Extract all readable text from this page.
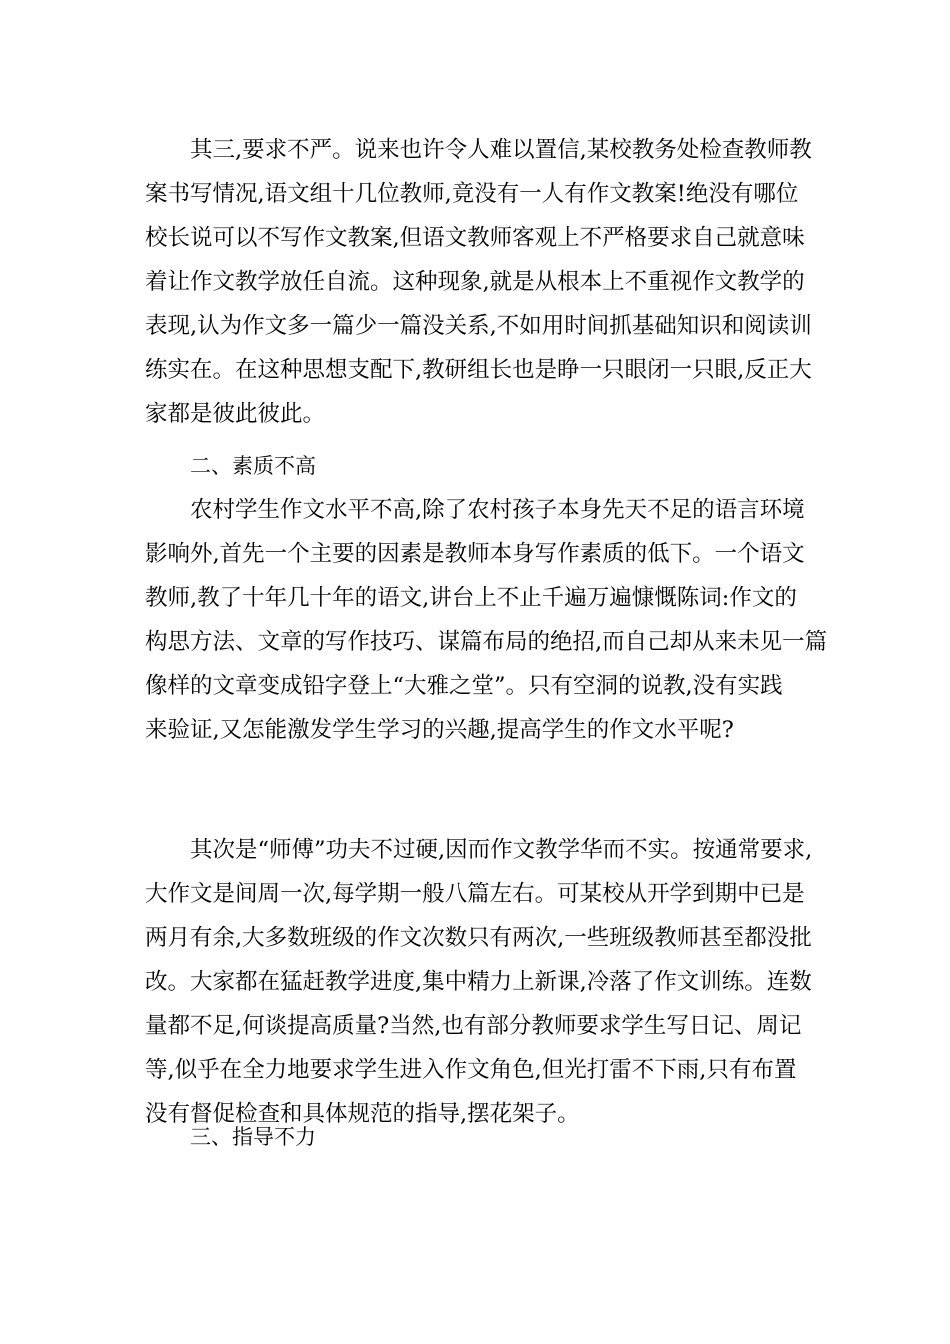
其三,要求不严。说来也许令人难以置信,某校教务处检查教师教
案书写情况,语文组十几位教师,竟没有一人有作文教案!绝没有哪位
校长说可以不写作文教案,但语文教师客观上不严格要求自己就意味
着让作文教学放任自流。这种现象,就是从根本上不重视作文教学的
表现,认为作文多一篇少一篇没关系,不如用时间抓基础知识和阅读训
练实在。在这种思想支配下,教研组长也是睁一只眼闭一只眼,反正大
家都是彼此彼此。
二、素质不高
农村学生作文水平不高,除了农村孩子本身先天不足的语言环境
影响外,首先一个主要的因素是教师本身写作素质的低下。一个语文
教师,教了十年几十年的语文,讲台上不止千遍万遍慷慨陈词:作文的
构思方法、文章的写作技巧、谋篇布局的绝招,而自己却从来未见一篇
像样的文章变成铅字登上“大雅之堂”。只有空洞的说教,没有实践
来验证,又怎能激发学生学习的兴趣,提高学生的作文水平呢?
其次是“师傅”功夫不过硬,因而作文教学华而不实。按通常要求,
大作文是间周一次,每学期一般八篇左右。可某校从开学到期中已是
两月有余,大多数班级的作文次数只有两次,一些班级教师甚至都没批
改。大家都在猛赶教学进度,集中精力上新课,冷落了作文训练。连数
量都不足,何谈提高质量?当然,也有部分教师要求学生写日记、周记
等,似乎在全力地要求学生进入作文角色,但光打雷不下雨,只有布置
没有督促检查和具体规范的指导,摆花架子。
三、指导不力
